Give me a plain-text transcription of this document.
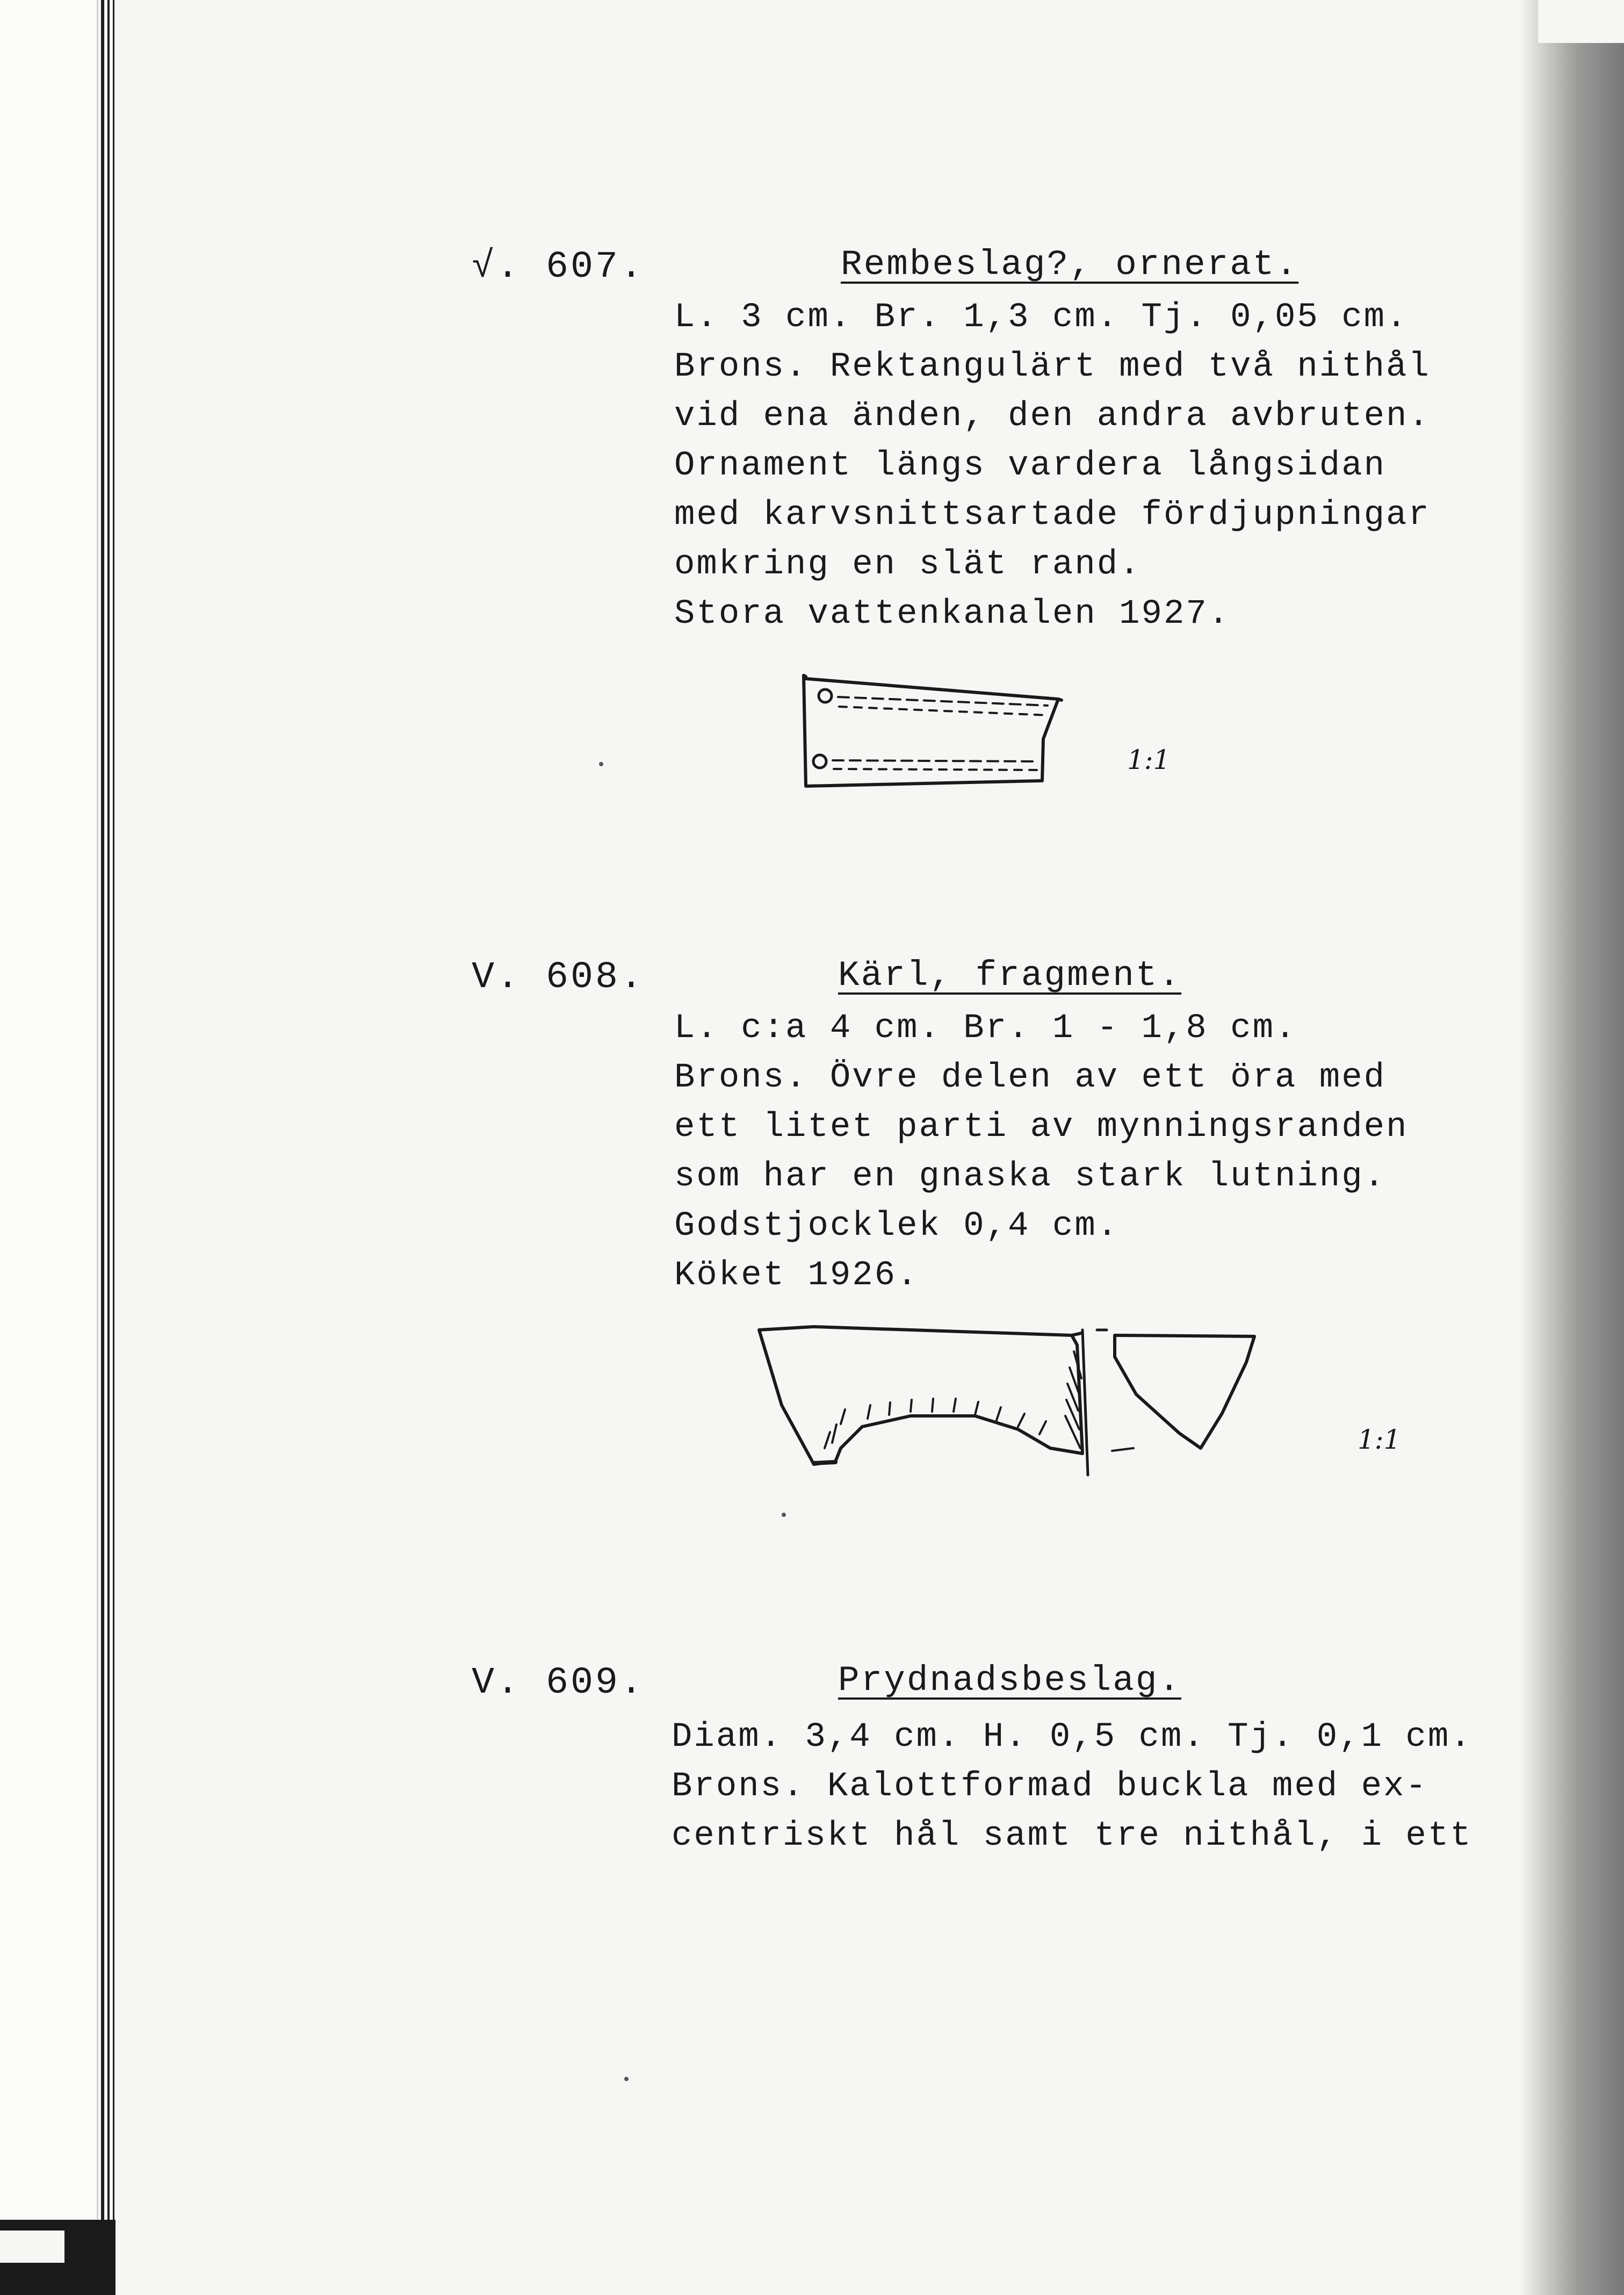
√. 607.	Rembeslag?, ornerat.
L. 3 cm. Br. 1,3 cm. Tj. 0,05 cm.
Brons. Rektangulärt med två nithål
vid ena änden, den andra avbruten.
Ornament längs vardera långsidan
med karvsnittsartade fördjupningar
omkring en slät rand.
Stora vattenkanalen 1927.
1:1
V. 608.	Kärl, fragment.
L. c:a 4 cm. Br. 1 - 1,8 cm.
Brons. Övre delen av ett öra med
ett litet parti av mynningsranden
som har en gnaska stark lutning.
Godstjocklek 0,4 cm.
Köket 1926.
1:1
V. 609.	Prydnadsbeslag.
Diam. 3,4 cm. H. 0,5 cm. Tj. 0,1 cm.
Brons. Kalottformad buckla med ex-
centriskt hål samt tre nithål, i ett
